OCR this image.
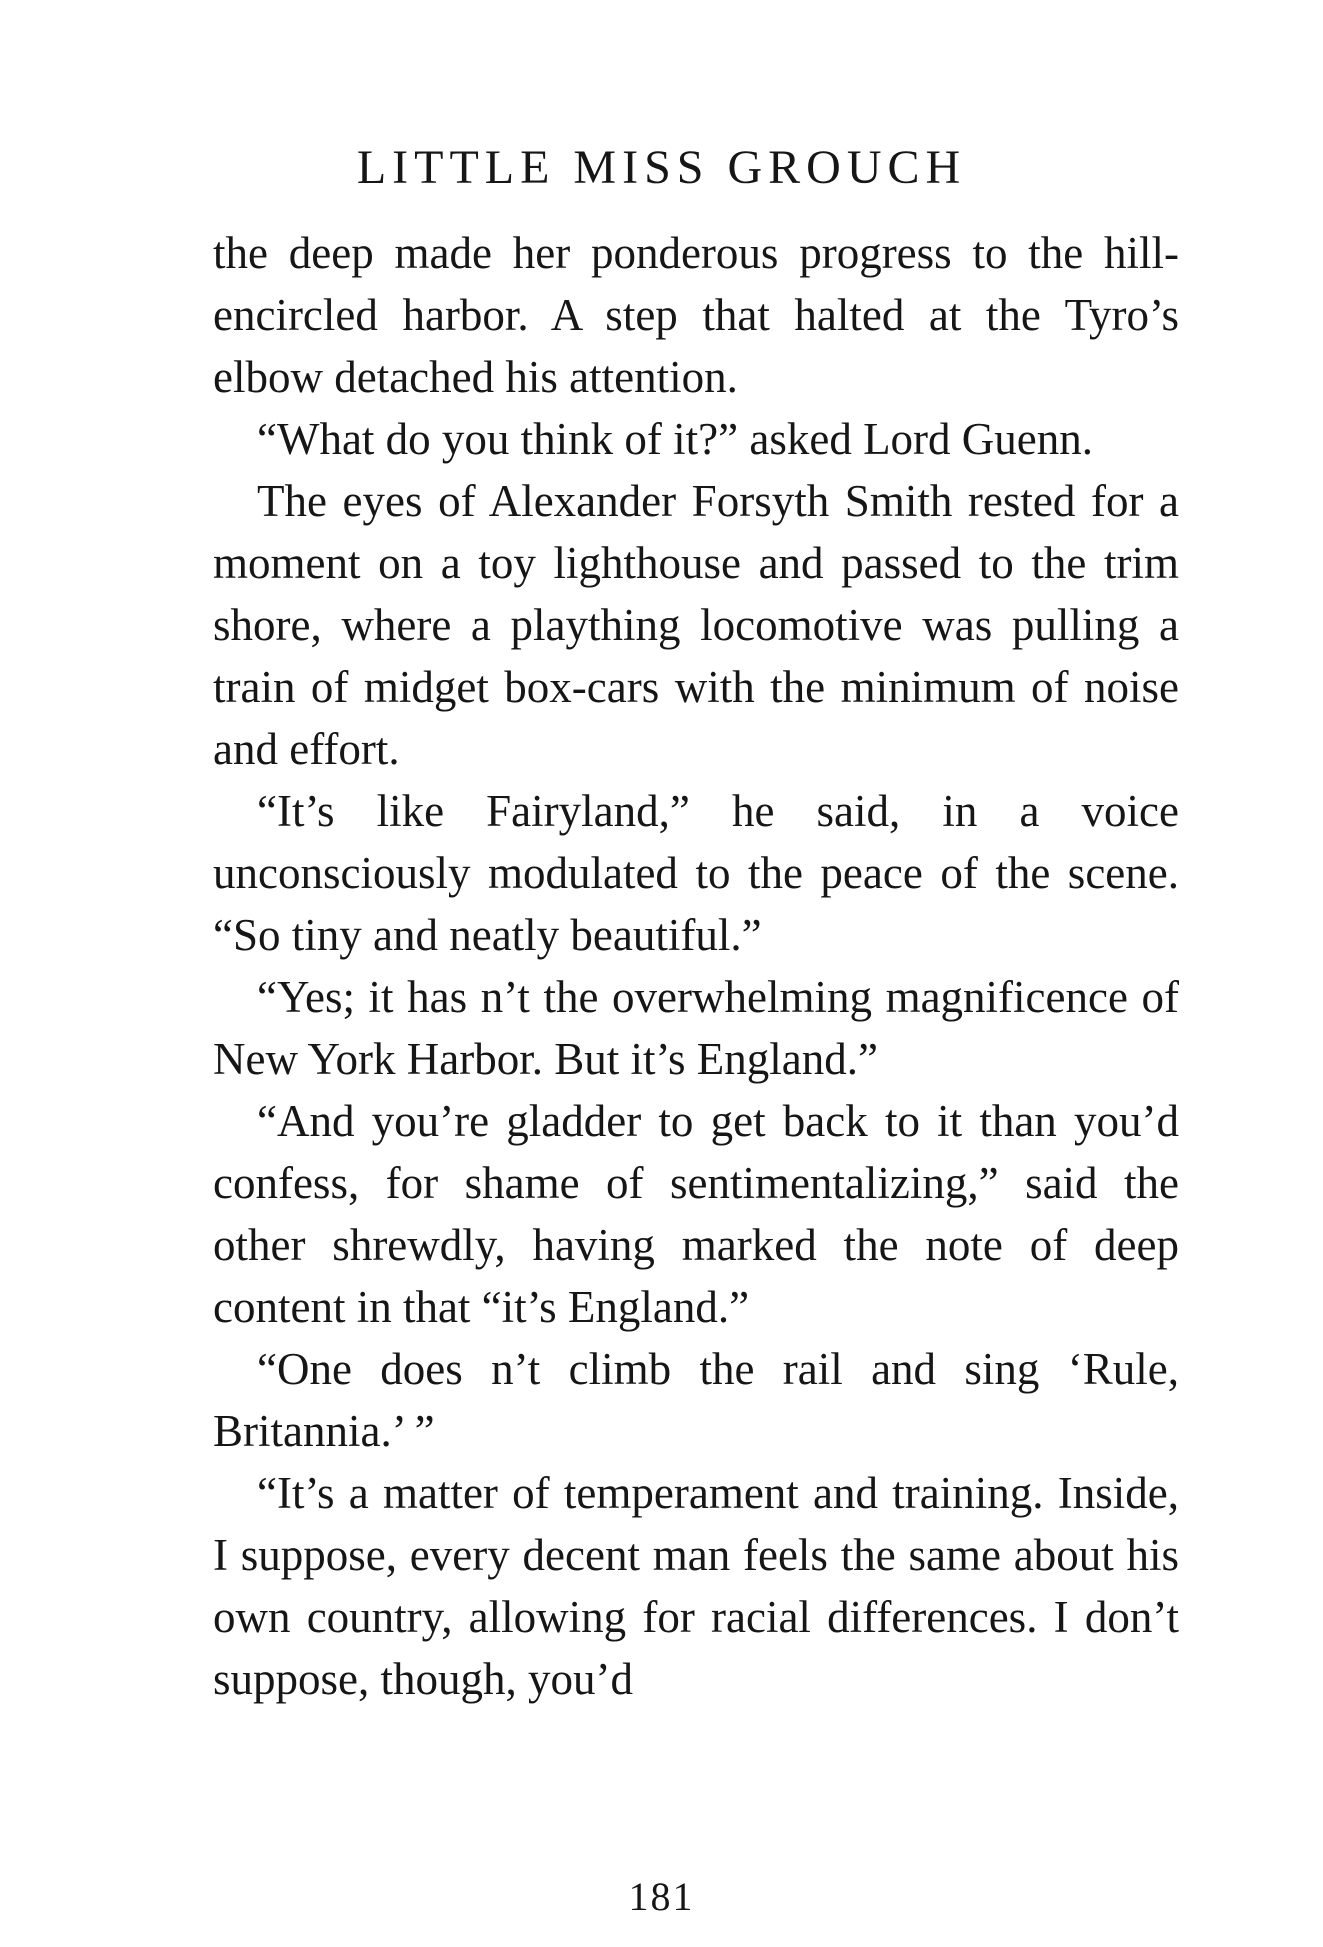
LITTLE MISS GROUCH

the deep made her ponderous progress to the hill-encircled harbor. A step that halted at the Tyro’s elbow detached his attention.

“What do you think of it?” asked Lord Guenn.

The eyes of Alexander Forsyth Smith rested for a moment on a toy lighthouse and passed to the trim shore, where a plaything locomotive was pulling a train of midget box-cars with the minimum of noise and effort.

“It’s like Fairyland,” he said, in a voice unconsciously modulated to the peace of the scene. “So tiny and neatly beautiful.”

“Yes; it has n’t the overwhelming magnificence of New York Harbor. But it’s England.”

“And you’re gladder to get back to it than you’d confess, for shame of sentimentalizing,” said the other shrewdly, having marked the note of deep content in that “it’s England.”

“One does n’t climb the rail and sing ‘Rule, Britannia.’ ”

“It’s a matter of temperament and training. Inside, I suppose, every decent man feels the same about his own country, allowing for racial differences. I don’t suppose, though, you’d

181
